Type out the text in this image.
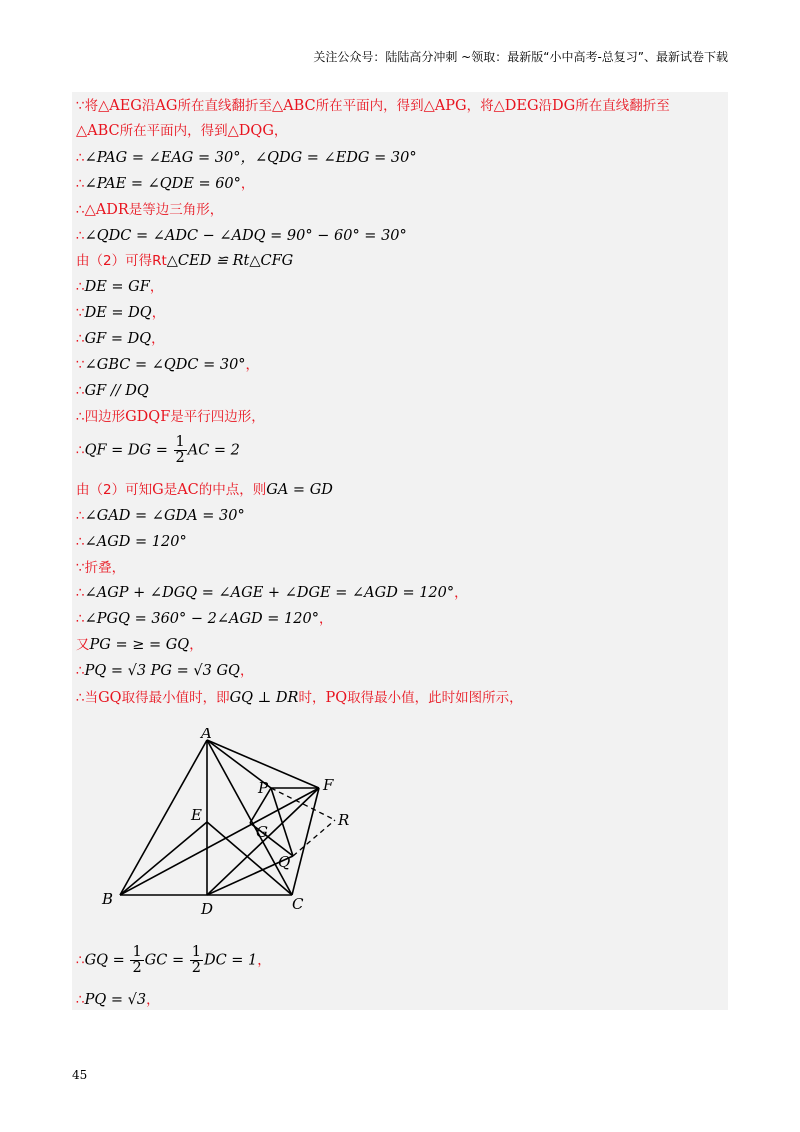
关注公众号：陆陆高分冲刺 ~领取：最新版“小中高考-总复习”、最新试卷下载
∵将△AEG沿AG所在直线翻折至△ABC所在平面内，得到△APG，将△DEG沿DG所在直线翻折至
△ABC所在平面内，得到△DQG，
∴∠PAG = ∠EAG = 30°，∠QDG = ∠EDG = 30°
∴∠PAE = ∠QDE = 60°，
∴△ADR是等边三角形，
∴∠QDC = ∠ADC − ∠ADQ = 90° − 60° = 30°
由（2）可得Rt△CED ≌ Rt△CFG
∴DE = GF，
∵DE = DQ，
∴GF = DQ，
∵∠GBC = ∠QDC = 30°，
∴GF // DQ
∴四边形GDQF是平行四边形，
∴QF = DG = $\frac{1}{2}$ AC = 2
由（2）可知G是AC的中点，则GA = GD
∴∠GAD = ∠GDA = 30°
∴∠AGD = 120°
∵折叠，
∴∠AGP + ∠DGQ = ∠AGE + ∠DGE = ∠AGD = 120°，
∴∠PGQ = 360° − 2∠AGD = 120°，
又PG = ≥ = GQ，
∴PQ = √3 PG = √3 GQ，
∴当GQ取得最小值时，即GQ ⊥ DR时，PQ取得最小值，此时如图所示，
A
B	C
D
E
F
G
P
Q
R
∴GQ = $\frac{1}{2}$ GC = $\frac{1}{2}$ DC = 1，
∴PQ = √3，
45
